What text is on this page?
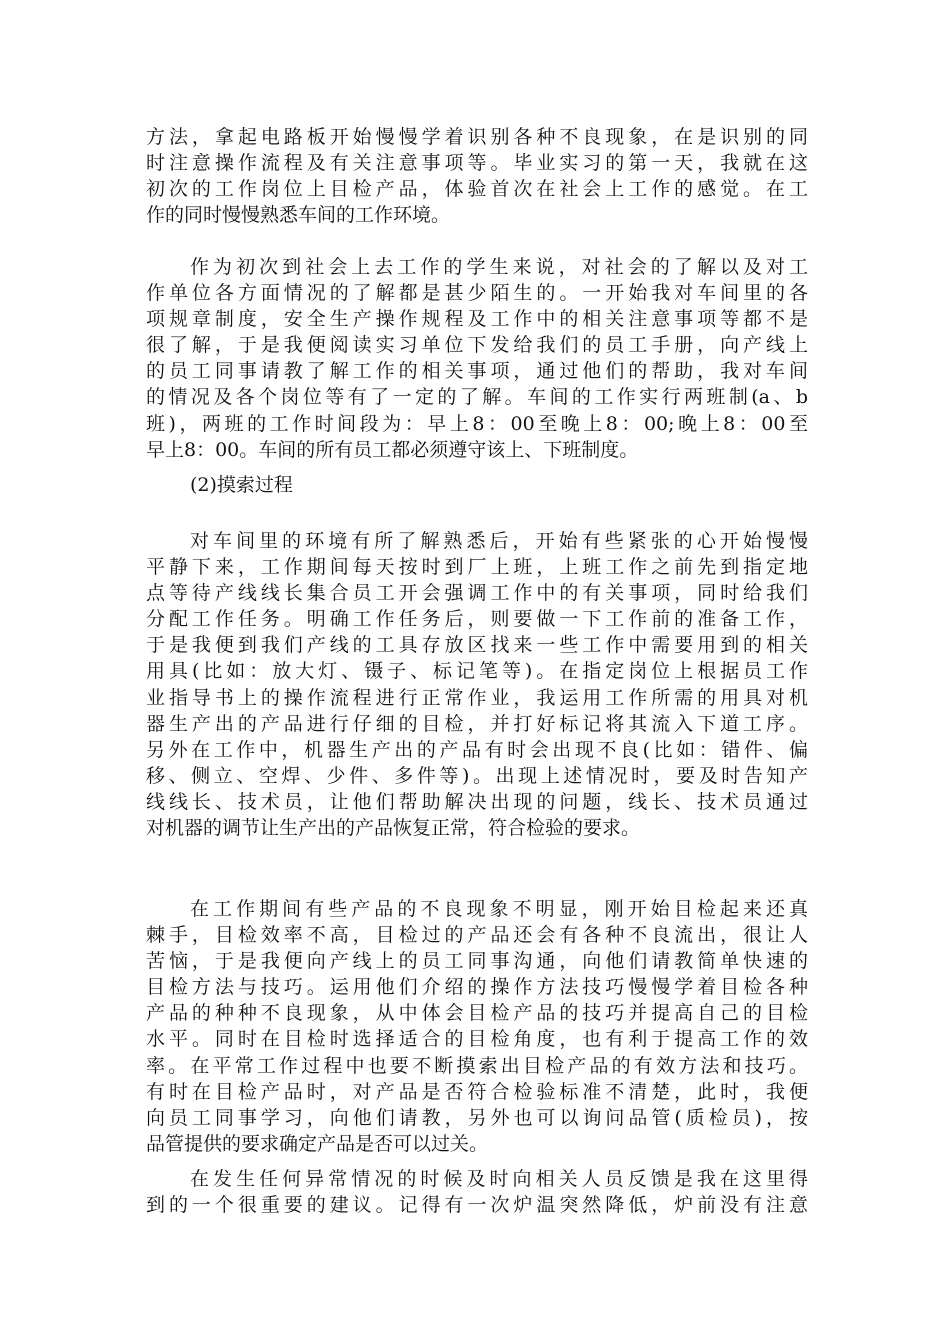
方法，拿起电路板开始慢慢学着识别各种不良现象，在是识别的同
时注意操作流程及有关注意事项等。毕业实习的第一天，我就在这
初次的工作岗位上目检产品，体验首次在社会上工作的感觉。在工
作的同时慢慢熟悉车间的工作环境。
作为初次到社会上去工作的学生来说，对社会的了解以及对工
作单位各方面情况的了解都是甚少陌生的。一开始我对车间里的各
项规章制度，安全生产操作规程及工作中的相关注意事项等都不是
很了解，于是我便阅读实习单位下发给我们的员工手册，向产线上
的员工同事请教了解工作的相关事项，通过他们的帮助，我对车间
的情况及各个岗位等有了一定的了解。车间的工作实行两班制(a、b
班)，两班的工作时间段为：早上8：00至晚上8：00;晚上8：00至
早上8：00。车间的所有员工都必须遵守该上、下班制度。
(2)摸索过程
对车间里的环境有所了解熟悉后，开始有些紧张的心开始慢慢
平静下来，工作期间每天按时到厂上班，上班工作之前先到指定地
点等待产线线长集合员工开会强调工作中的有关事项，同时给我们
分配工作任务。明确工作任务后，则要做一下工作前的准备工作，
于是我便到我们产线的工具存放区找来一些工作中需要用到的相关
用具(比如：放大灯、镊子、标记笔等)。在指定岗位上根据员工作
业指导书上的操作流程进行正常作业，我运用工作所需的用具对机
器生产出的产品进行仔细的目检，并打好标记将其流入下道工序。
另外在工作中，机器生产出的产品有时会出现不良(比如：错件、偏
移、侧立、空焊、少件、多件等)。出现上述情况时，要及时告知产
线线长、技术员，让他们帮助解决出现的问题，线长、技术员通过
对机器的调节让生产出的产品恢复正常，符合检验的要求。
在工作期间有些产品的不良现象不明显，刚开始目检起来还真
棘手，目检效率不高，目检过的产品还会有各种不良流出，很让人
苦恼，于是我便向产线上的员工同事沟通，向他们请教简单快速的
目检方法与技巧。运用他们介绍的操作方法技巧慢慢学着目检各种
产品的种种不良现象，从中体会目检产品的技巧并提高自己的目检
水平。同时在目检时选择适合的目检角度，也有利于提高工作的效
率。在平常工作过程中也要不断摸索出目检产品的有效方法和技巧。
有时在目检产品时，对产品是否符合检验标准不清楚，此时，我便
向员工同事学习，向他们请教，另外也可以询问品管(质检员)，按
品管提供的要求确定产品是否可以过关。
在发生任何异常情况的时候及时向相关人员反馈是我在这里得
到的一个很重要的建议。记得有一次炉温突然降低，炉前没有注意
